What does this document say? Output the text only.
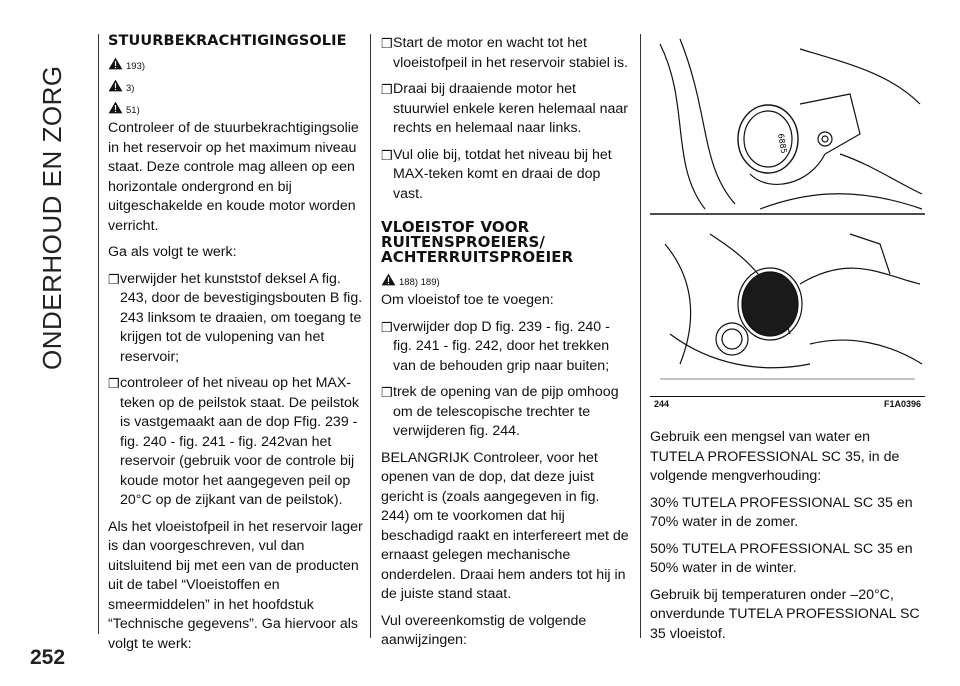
ONDERHOUD EN ZORG
252
STUURBEKRACHTIGINGSOLIE
193)
3)
51)

Controleer of de stuurbekrachtigingsolie in het reservoir op het maximum niveau staat. Deze controle mag alleen op een horizontale ondergrond en bij uitgeschakelde en koude motor worden verricht.

Ga als volgt te werk:

❒ verwijder het kunststof deksel A fig. 243, door de bevestigingsbouten B fig. 243 linksom te draaien, om toegang te krijgen tot de vulopening van het reservoir;
❒ controleer of het niveau op het MAX-teken op de peilstok staat. De peilstok is vastgemaakt aan de dop Ffig. 239 - fig. 240 - fig. 241 - fig. 242van het reservoir (gebruik voor de controle bij koude motor het aangegeven peil op 20°C op de zijkant van de peilstok).

Als het vloeistofpeil in het reservoir lager is dan voorgeschreven, vul dan uitsluitend bij met een van de producten uit de tabel “Vloeistoffen en smeermiddelen” in het hoofdstuk “Technische gegevens”. Ga hiervoor als volgt te werk:

❒ Start de motor en wacht tot het vloeistofpeil in het reservoir stabiel is.
❒ Draai bij draaiende motor het stuurwiel enkele keren helemaal naar rechts en helemaal naar links.
❒ Vul olie bij, totdat het niveau bij het MAX-teken komt en draai de dop vast.
VLOEISTOF VOOR RUITENSPROEIERS/ ACHTERRUITSPROEIER
188) 189)

Om vloeistof toe te voegen:

❒ verwijder dop D fig. 239 - fig. 240 - fig. 241 - fig. 242, door het trekken van de behouden grip naar buiten;
❒ trek de opening van de pijp omhoog om de telescopische trechter te verwijderen fig. 244.

BELANGRIJK Controleer, voor het openen van de dop, dat deze juist gericht is (zoals aangegeven in fig. 244) om te voorkomen dat hij beschadigd raakt en interfereert met de ernaast gelegen mechanische onderdelen. Draai hem anders tot hij in de juiste stand staat.

Vul overeenkomstig de volgende aanwijzingen:

6885
244	F1A0396

Gebruik een mengsel van water en TUTELA PROFESSIONAL SC 35, in de volgende mengverhouding:

30% TUTELA PROFESSIONAL SC 35 en 70% water in de zomer.

50% TUTELA PROFESSIONAL SC 35 en 50% water in de winter.

Gebruik bij temperaturen onder –20°C, onverdunde TUTELA PROFESSIONAL SC 35 vloeistof.
